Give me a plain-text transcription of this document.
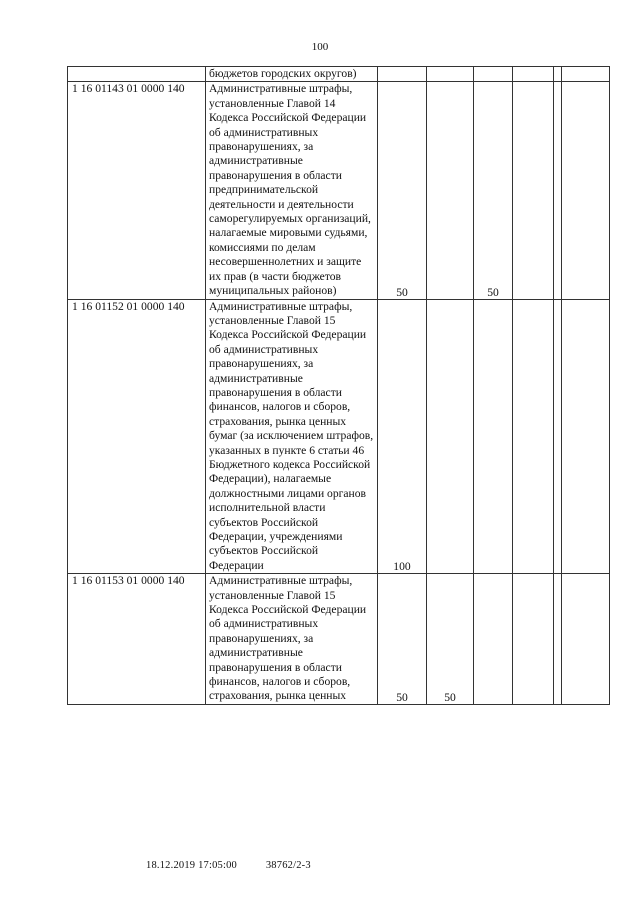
100
	бюджетов городских округов)	

1 16 01143 01 0000 140	Административные штрафы, установленные Главой 14 Кодекса Российской Федерации об административных правонарушениях, за административные правонарушения в области предпринимательской деятельности и деятельности саморегулируемых организаций, налагаемые мировыми судьями, комиссиями по делам несовершеннолетних и защите их прав (в части бюджетов муниципальных районов)	50		50			

1 16 01152 01 0000 140	Административные штрафы, установленные Главой 15 Кодекса Российской Федерации об административных правонарушениях, за административные правонарушения в области финансов, налогов и сборов, страхования, рынка ценных бумаг (за исключением штрафов, указанных в пункте 6 статьи 46 Бюджетного кодекса Российской Федерации), налагаемые должностными лицами органов исполнительной власти субъектов Российской Федерации, учреждениями субъектов Российской Федерации	100					

1 16 01153 01 0000 140	Административные штрафы, установленные Главой 15 Кодекса Российской Федерации об административных правонарушениях, за административные правонарушения в области финансов, налогов и сборов, страхования, рынка ценных	50	50				

18.12.2019 17:05:00	38762/2-3
